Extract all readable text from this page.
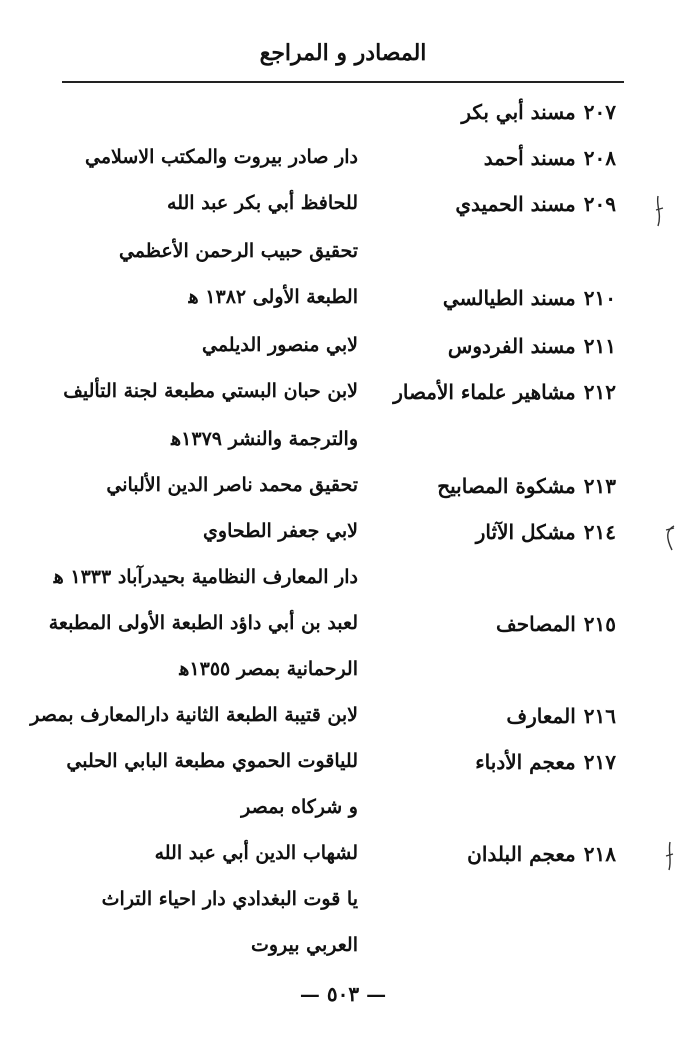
المصادر و المراجع
٢٠٧مسند أبي بكر
٢٠٨مسند أحمد
دار صادر بيروت والمكتب الاسلامي
٢٠٩مسند الحميدي
للحافظ أبي بكر عبد الله
تحقيق حبيب الرحمن الأعظمي
٢١٠مسند الطيالسي
الطبعة الأولى ١٣٨٢ ﻫ
٢١١مسند الفردوس
لابي منصور الديلمي
٢١٢مشاهير علماء الأمصار
لابن حبان البستي مطبعة لجنة التأليف
والترجمة والنشر ١٣٧٩ﻫ
٢١٣مشكوة المصابيح
تحقيق محمد ناصر الدين الألباني
٢١٤مشكل الآثار
لابي جعفر الطحاوي
دار المعارف النظامية بحيدرآباد ١٣٣٣ ﻫ
٢١٥المصاحف
لعبد بن أبي داؤد الطبعة الأولى المطبعة
الرحمانية بمصر ١٣٥٥ﻫ
٢١٦المعارف
لابن قتيبة الطبعة الثانية دارالمعارف بمصر
٢١٧معجم الأدباء
للياقوت الحموي مطبعة البابي الحلبي
و شركاه بمصر
٢١٨معجم البلدان
لشهاب الدين أبي عبد الله
يا قوت البغدادي دار احياء التراث
العربي بيروت
— ٥٠٣ —
